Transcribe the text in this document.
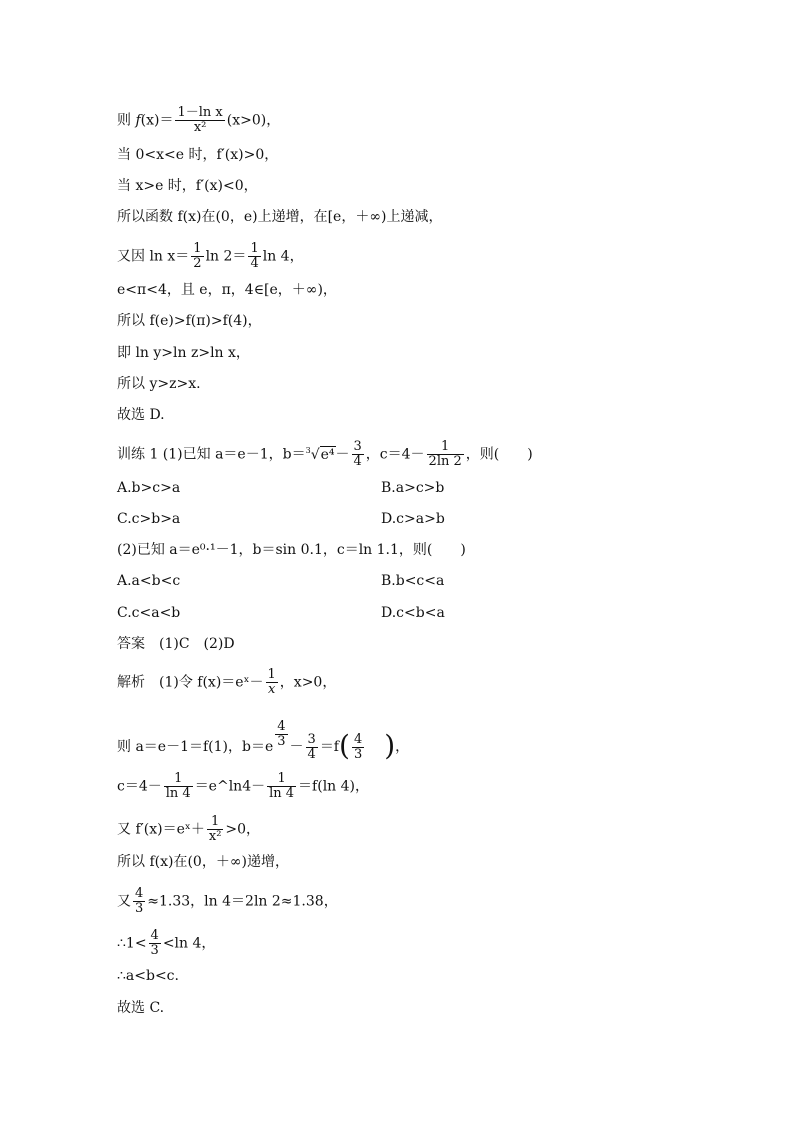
则 $f(x)= \frac{\text{1－ln x}}{\text{x²}} (x>0)$，
当 0<x<e 时，f′(x)>0，
当 x>e 时，f′(x)<0，
所以函数 f(x)在(0，e)上递增，在[e，＋∞)上递减，
又因 $\ln x= \frac{1}{2}$ $\ln 2= \frac{1}{4}$ ln 4，
e<π<4，且 e，π，4∈[e，＋∞)，
所以 f(e)>f(π)>f(4)，
即 ln y>ln z>ln x，
所以 y>z>x.
故选 D.
训练 1 (1)已知 a＝e－1，$b=^3√e^4- \frac{3}{4}$ ，$c=4- \frac{1}{2\ln 2}$ ，则(　　)
A.b>c>a	B.a>c>b
C.c>b>a	D.c>a>b
(2)已知 a＝e⁰·¹－1，b＝sin 0.1，c＝ln 1.1，则(　　)
A.a<b<c	B.b<c<a
C.c<a<b	D.c<b<a
答案　(1)C　(2)D
解析　(1)令 f(x)＝eˣ－ $\frac{1}{x}$ ，x>0，
则 a＝e－1＝f(1)，$b=e \frac{4}{3} - \frac{3}{4} =f( \frac{4}{3}$ )，
$c=4- \frac{1}{\ln 4}$ ＝e^ln4－ $\frac{1}{\ln 4} =f(\ln$ 4)，
又 f′(x)＝eˣ＋ $\frac{1}{\text{x²}} >0$，
所以 f(x)在(0，＋∞)递增，
又 $\frac{4}{3} \approx 1.33$，ln 4＝2ln 2≈1.38，
∴1< $\frac{4}{3} <\ln$ 4，
∴a<b<c.
故选 C.
